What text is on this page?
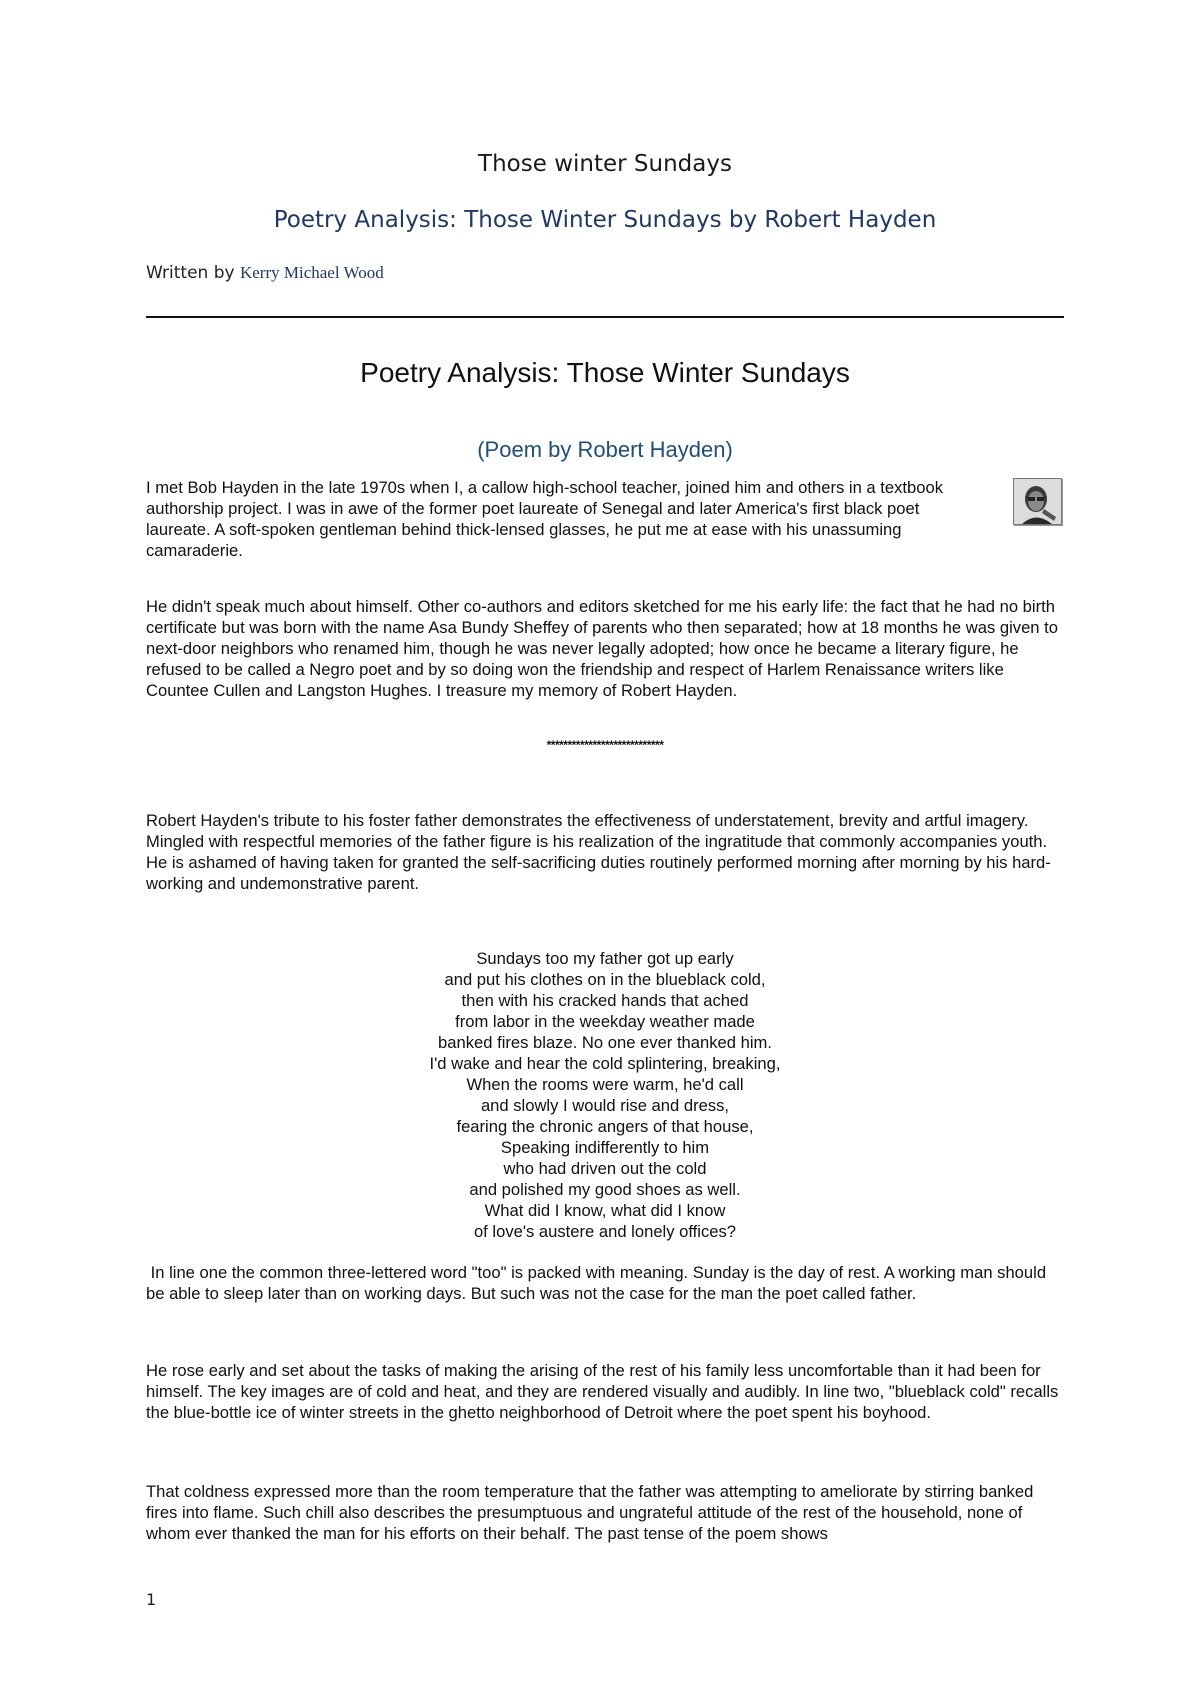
Those winter Sundays
Poetry Analysis: Those Winter Sundays by Robert Hayden
Written by Kerry Michael Wood
Poetry Analysis: Those Winter Sundays
(Poem by Robert Hayden)

I met Bob Hayden in the late 1970s when I, a callow high-school teacher, joined him and others in a textbook authorship project. I was in awe of the former poet laureate of Senegal and later America's first black poet laureate. A soft-spoken gentleman behind thick-lensed glasses, he put me at ease with his unassuming camaraderie.

He didn't speak much about himself. Other co-authors and editors sketched for me his early life: the fact that he had no birth certificate but was born with the name Asa Bundy Sheffey of parents who then separated; how at 18 months he was given to next-door neighbors who renamed him, though he was never legally adopted; how once he became a literary figure, he refused to be called a Negro poet and by so doing won the friendship and respect of Harlem Renaissance writers like Countee Cullen and Langston Hughes. I treasure my memory of Robert Hayden.

****************************

Robert Hayden's tribute to his foster father demonstrates the effectiveness of understatement, brevity and artful imagery. Mingled with respectful memories of the father figure is his realization of the ingratitude that commonly accompanies youth. He is ashamed of having taken for granted the self-sacrificing duties routinely performed morning after morning by his hard-working and undemonstrative parent.

Sundays too my father got up early
and put his clothes on in the blueblack cold,
then with his cracked hands that ached
from labor in the weekday weather made
banked fires blaze. No one ever thanked him.
I'd wake and hear the cold splintering, breaking,
When the rooms were warm, he'd call
and slowly I would rise and dress,
fearing the chronic angers of that house,
Speaking indifferently to him
who had driven out the cold
and polished my good shoes as well.
What did I know, what did I know
of love's austere and lonely offices?

In line one the common three-lettered word "too" is packed with meaning. Sunday is the day of rest. A working man should be able to sleep later than on working days. But such was not the case for the man the poet called father.

He rose early and set about the tasks of making the arising of the rest of his family less uncomfortable than it had been for himself. The key images are of cold and heat, and they are rendered visually and audibly. In line two, "blueblack cold" recalls the blue-bottle ice of winter streets in the ghetto neighborhood of Detroit where the poet spent his boyhood.

That coldness expressed more than the room temperature that the father was attempting to ameliorate by stirring banked fires into flame. Such chill also describes the presumptuous and ungrateful attitude of the rest of the household, none of whom ever thanked the man for his efforts on their behalf. The past tense of the poem shows

1
